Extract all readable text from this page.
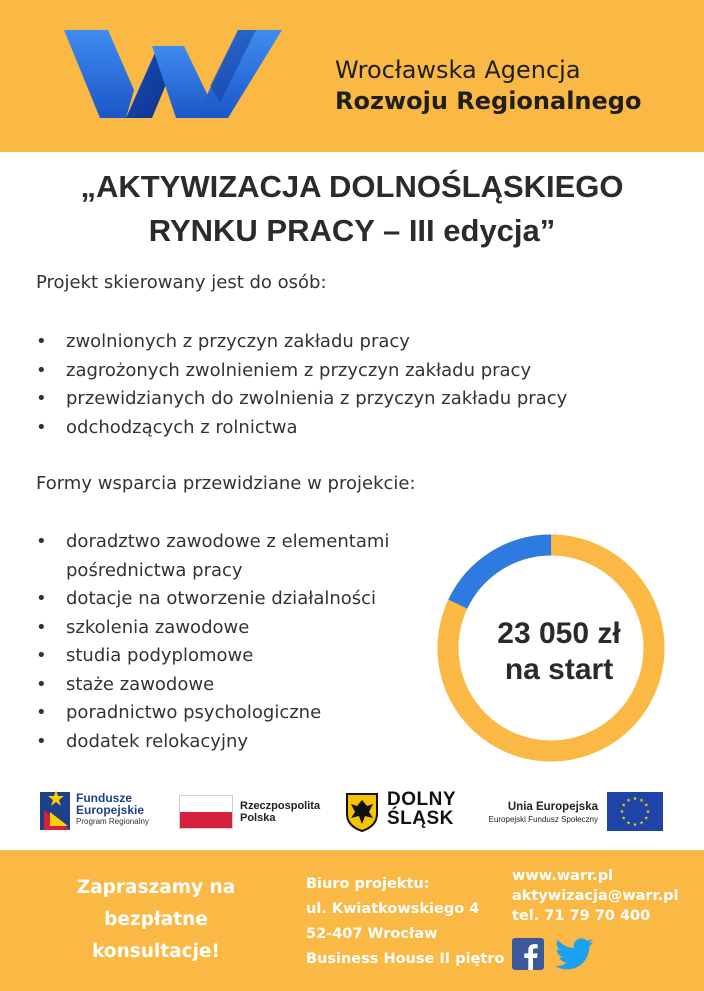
Wrocławska Agencja
Rozwoju Regionalnego
„AKTYWIZACJA DOLNOŚLĄSKIEGO
RYNKU PRACY – III edycja”
Projekt skierowany jest do osób:
• zwolnionych z przyczyn zakładu pracy
• zagrożonych zwolnieniem z przyczyn zakładu pracy
• przewidzianych do zwolnienia z przyczyn zakładu pracy
• odchodzących z rolnictwa
Formy wsparcia przewidziane w projekcie:
• doradztwo zawodowe z elementami
pośrednictwa pracy
• dotacje na otworzenie działalności
• szkolenia zawodowe
• studia podyplomowe
• staże zawodowe
• poradnictwo psychologiczne
• dodatek relokacyjny
23 050 zł
na start
Fundusze
Europejskie
Program Regionalny
Rzeczpospolita
Polska
DOLNY
ŚLĄSK
Unia Europejska
Europejski Fundusz Społeczny
Zapraszamy na
bezpłatne
konsultacje!
Biuro projektu:
ul. Kwiatkowskiego 4
52-407 Wrocław
Business House II piętro
www.warr.pl
aktywizacja@warr.pl
tel. 71 79 70 400
